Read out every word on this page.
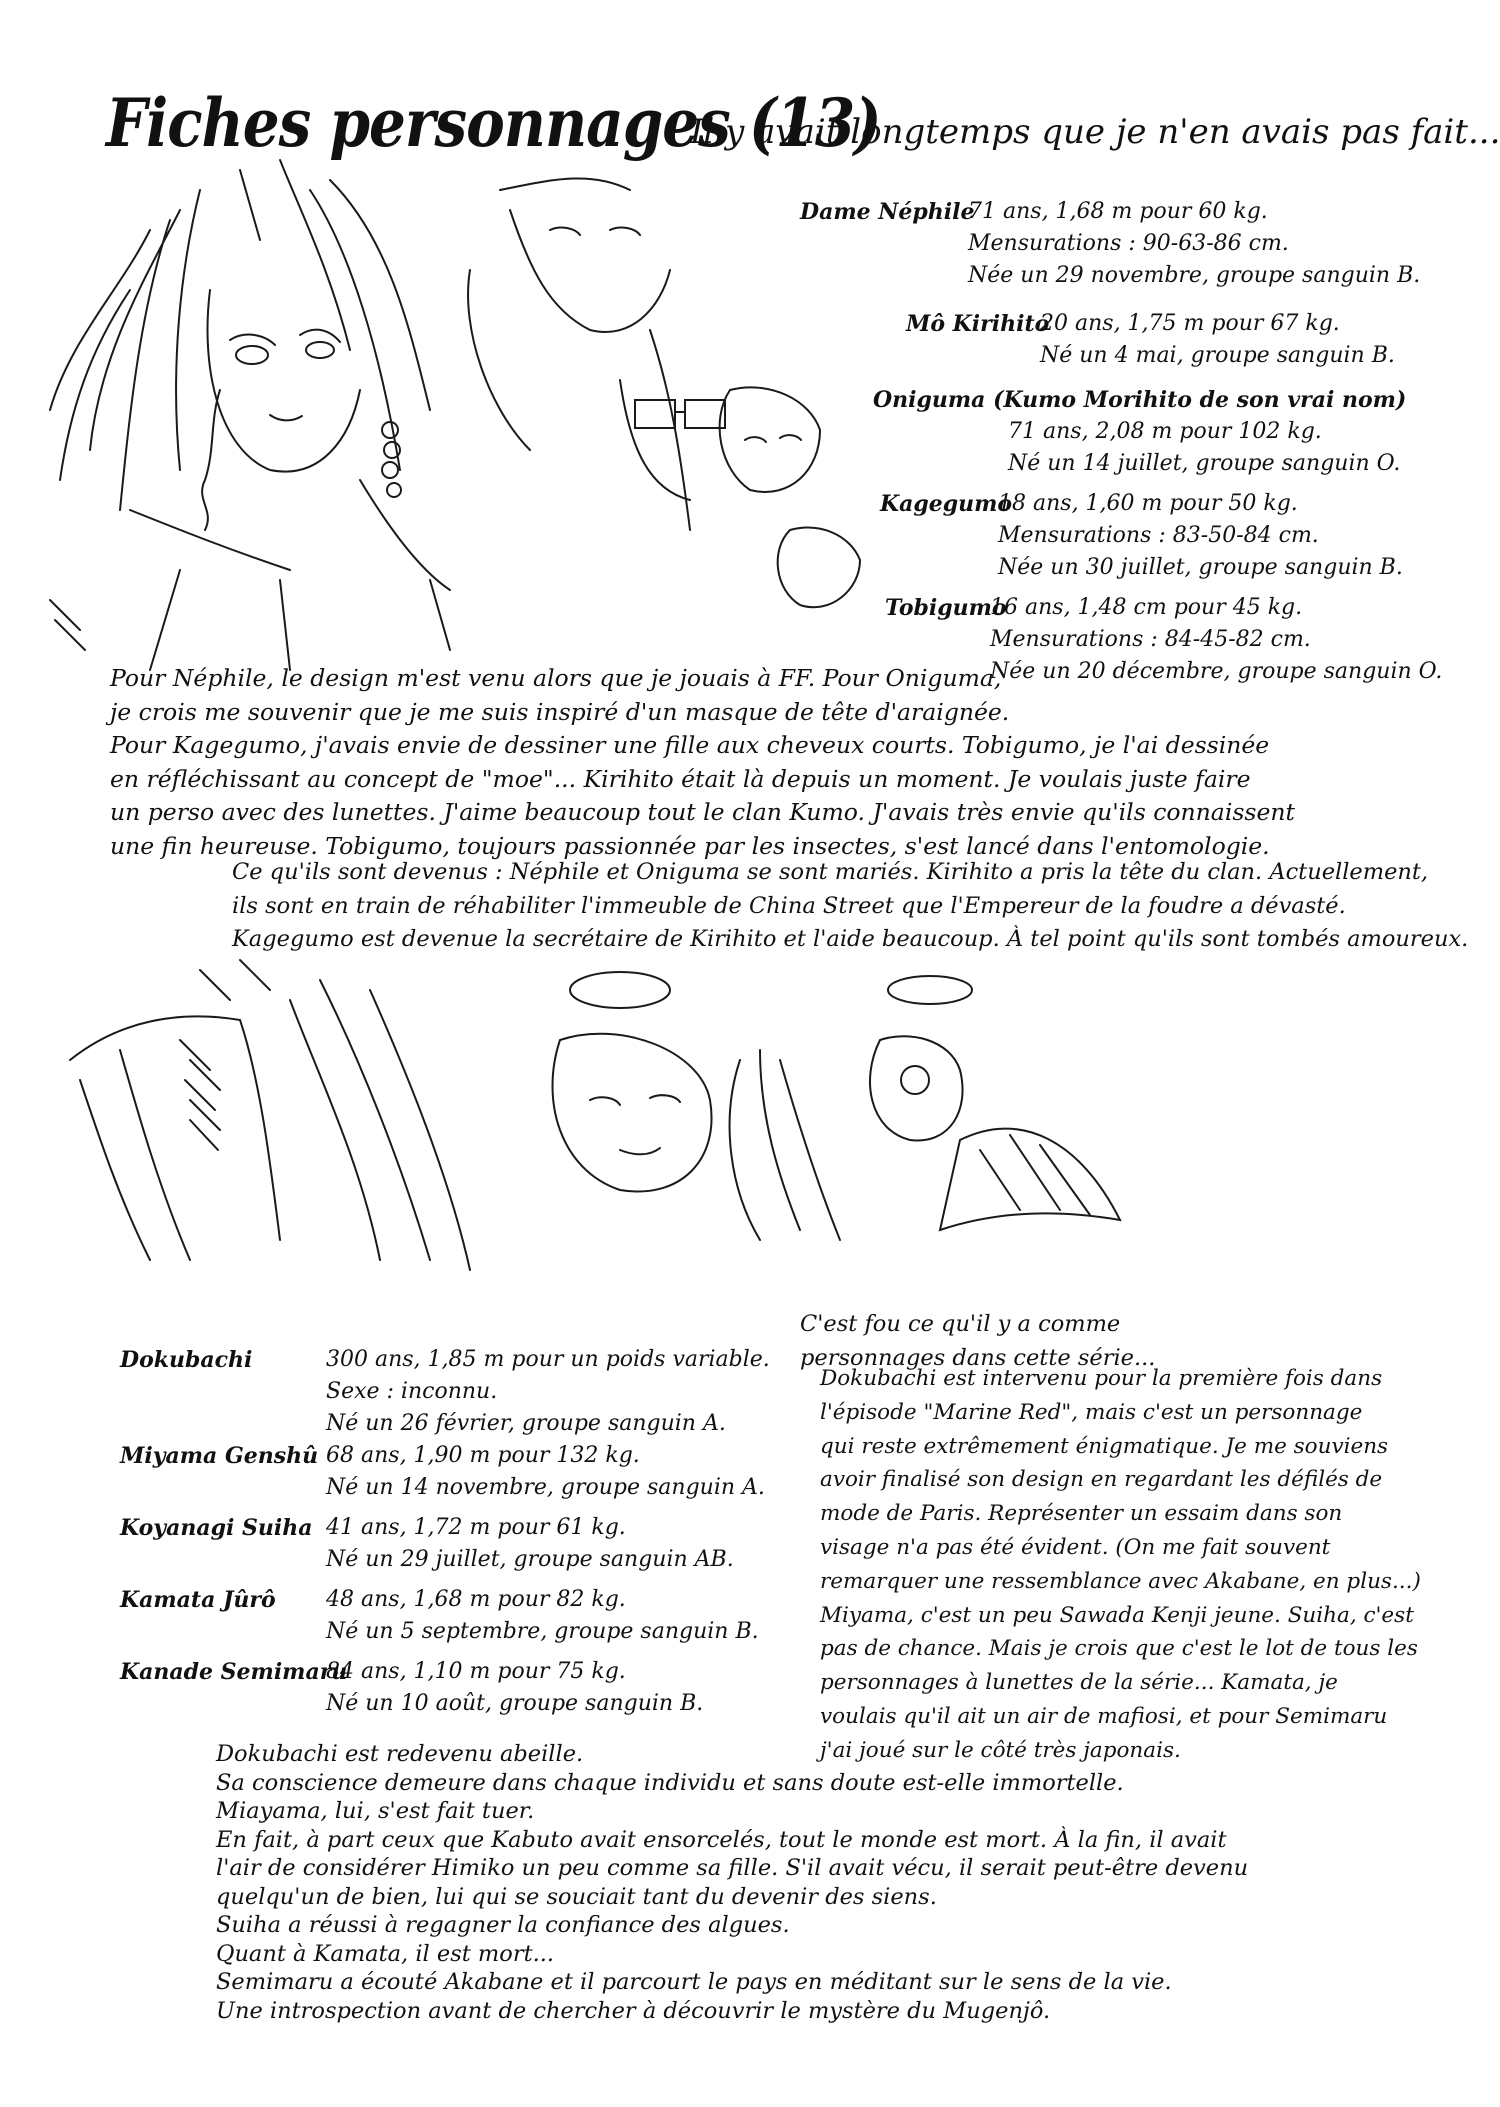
Fiches personnages (13)
Il y avait longtemps que je n'en avais pas fait...
Dame Néphile
71 ans, 1,68 m pour 60 kg.
Mensurations : 90-63-86 cm.
Née un 29 novembre, groupe sanguin B.
Mô Kirihito
20 ans, 1,75 m pour 67 kg.
Né un 4 mai, groupe sanguin B.
Oniguma (Kumo Morihito de son vrai nom)
71 ans, 2,08 m pour 102 kg.
Né un 14 juillet, groupe sanguin O.
Kagegumo
18 ans, 1,60 m pour 50 kg.
Mensurations : 83-50-84 cm.
Née un 30 juillet, groupe sanguin B.
Tobigumo
16 ans, 1,48 cm pour 45 kg.
Mensurations : 84-45-82 cm.
Née un 20 décembre, groupe sanguin O.
Pour Néphile, le design m'est venu alors que je jouais à FF. Pour Oniguma,
je crois me souvenir que je me suis inspiré d'un masque de tête d'araignée.
Pour Kagegumo, j'avais envie de dessiner une fille aux cheveux courts. Tobigumo, je l'ai dessinée
en réfléchissant au concept de "moe"... Kirihito était là depuis un moment. Je voulais juste faire
un perso avec des lunettes. J'aime beaucoup tout le clan Kumo. J'avais très envie qu'ils connaissent
une fin heureuse. Tobigumo, toujours passionnée par les insectes, s'est lancé dans l'entomologie.
Ce qu'ils sont devenus : Néphile et Oniguma se sont mariés. Kirihito a pris la tête du clan. Actuellement,
ils sont en train de réhabiliter l'immeuble de China Street que l'Empereur de la foudre a dévasté.
Kagegumo est devenue la secrétaire de Kirihito et l'aide beaucoup. À tel point qu'ils sont tombés amoureux.
C'est fou ce qu'il y a comme
personnages dans cette série...
Dokubachi	300 ans, 1,85 m pour un poids variable.
Sexe : inconnu.
Né un 26 février, groupe sanguin A.
Miyama Genshû 68 ans, 1,90 m pour 132 kg.
Né un 14 novembre, groupe sanguin A.
Koyanagi Suiha 41 ans, 1,72 m pour 61 kg.
Né un 29 juillet, groupe sanguin AB.
Kamata Jûrô 48 ans, 1,68 m pour 82 kg.
Né un 5 septembre, groupe sanguin B.
Kanade Semimaru
84 ans, 1,10 m pour 75 kg.
Né un 10 août, groupe sanguin B.
Dokubachi est intervenu pour la première fois dans
l'épisode "Marine Red", mais c'est un personnage
qui reste extrêmement énigmatique. Je me souviens
avoir finalisé son design en regardant les défilés de
mode de Paris. Représenter un essaim dans son
visage n'a pas été évident. (On me fait souvent
remarquer une ressemblance avec Akabane, en plus...)
Miyama, c'est un peu Sawada Kenji jeune. Suiha, c'est
pas de chance. Mais je crois que c'est le lot de tous les
personnages à lunettes de la série... Kamata, je
voulais qu'il ait un air de mafiosi, et pour Semimaru
j'ai joué sur le côté très japonais.
Dokubachi est redevenu abeille.
Sa conscience demeure dans chaque individu et sans doute est-elle immortelle.
Miayama, lui, s'est fait tuer.
En fait, à part ceux que Kabuto avait ensorcelés, tout le monde est mort. À la fin, il avait
l'air de considérer Himiko un peu comme sa fille. S'il avait vécu, il serait peut-être devenu
quelqu'un de bien, lui qui se souciait tant du devenir des siens.
Suiha a réussi à regagner la confiance des algues.
Quant à Kamata, il est mort...
Semimaru a écouté Akabane et il parcourt le pays en méditant sur le sens de la vie.
Une introspection avant de chercher à découvrir le mystère du Mugenjô.
